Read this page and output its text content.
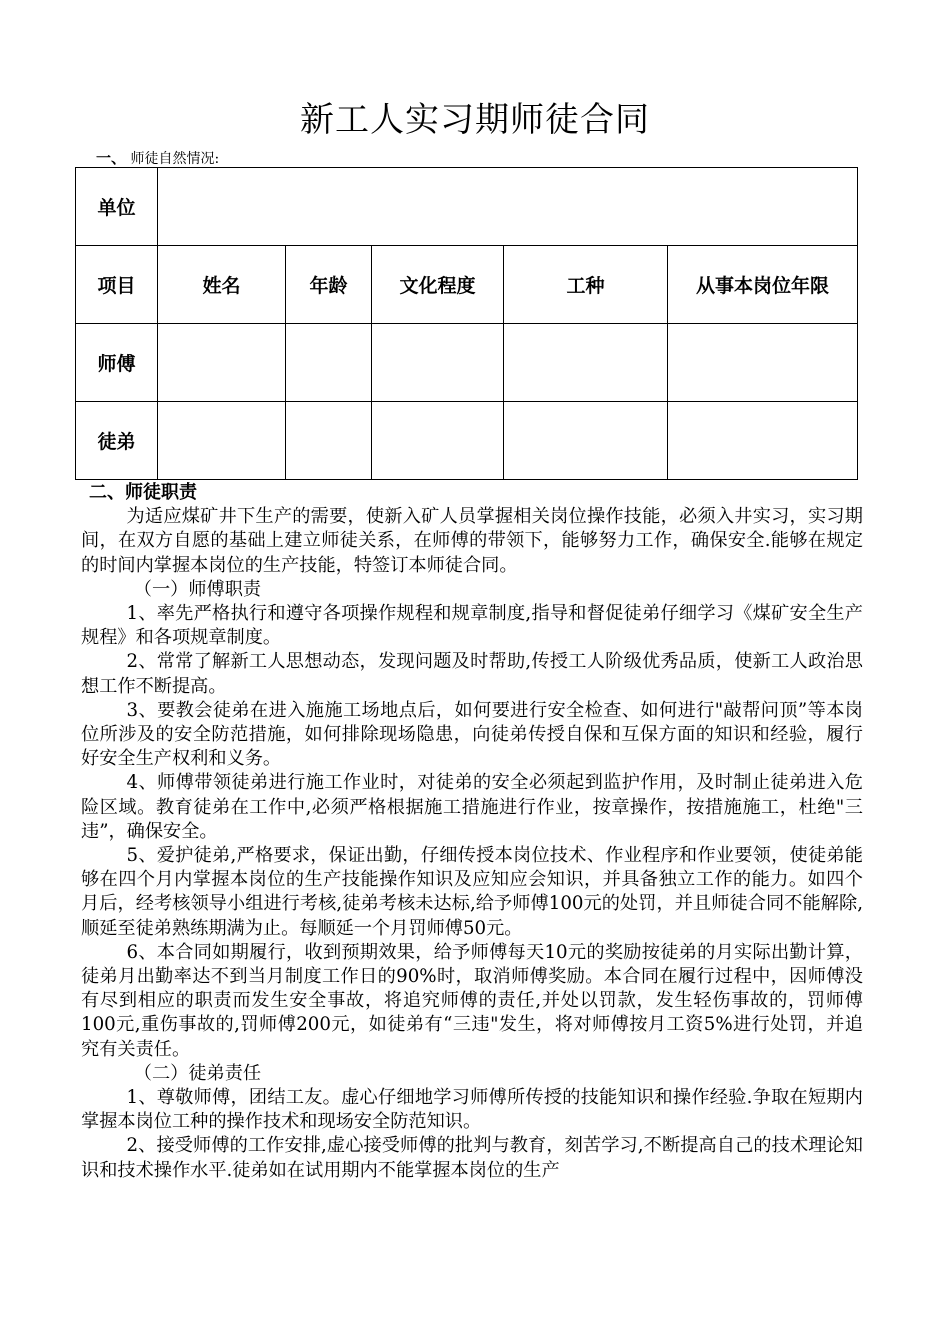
新工人实习期师徒合同
一、 师徒自然情况:
单位					
项目	姓名	年龄	文化程度	工种	从事本岗位年限
师傅					
徒弟					

二、师徒职责

为适应煤矿井下生产的需要，使新入矿人员掌握相关岗位操作技能，必须入井实习，实习期间，在双方自愿的基础上建立师徒关系，在师傅的带领下，能够努力工作，确保安全.能够在规定的时间内掌握本岗位的生产技能，特签订本师徒合同。

（一）师傅职责

1、率先严格执行和遵守各项操作规程和规章制度,指导和督促徒弟仔细学习《煤矿安全生产规程》和各项规章制度。

2、常常了解新工人思想动态，发现问题及时帮助,传授工人阶级优秀品质，使新工人政治思想工作不断提高。

3、要教会徒弟在进入施施工场地点后，如何要进行安全检查、如何进行"敲帮问顶”等本岗位所涉及的安全防范措施，如何排除现场隐患，向徒弟传授自保和互保方面的知识和经验，履行好安全生产权利和义务。

4、师傅带领徒弟进行施工作业时，对徒弟的安全必须起到监护作用，及时制止徒弟进入危险区域。教育徒弟在工作中,必须严格根据施工措施进行作业，按章操作，按措施施工，杜绝"三违”，确保安全。

5、爱护徒弟,严格要求，保证出勤，仔细传授本岗位技术、作业程序和作业要领，使徒弟能够在四个月内掌握本岗位的生产技能操作知识及应知应会知识，并具备独立工作的能力。如四个月后，经考核领导小组进行考核,徒弟考核未达标,给予师傅100元的处罚，并且师徒合同不能解除,顺延至徒弟熟练期满为止。每顺延一个月罚师傅50元。

6、本合同如期履行，收到预期效果，给予师傅每天10元的奖励按徒弟的月实际出勤计算，徒弟月出勤率达不到当月制度工作日的90%时，取消师傅奖励。本合同在履行过程中，因师傅没有尽到相应的职责而发生安全事故，将追究师傅的责任,并处以罚款，发生轻伤事故的，罚师傅100元,重伤事故的,罚师傅200元，如徒弟有“三违"发生，将对师傅按月工资5%进行处罚，并追究有关责任。

（二）徒弟责任

1、尊敬师傅，团结工友。虚心仔细地学习师傅所传授的技能知识和操作经验.争取在短期内掌握本岗位工种的操作技术和现场安全防范知识。

2、接受师傅的工作安排,虚心接受师傅的批判与教育，刻苦学习,不断提高自己的技术理论知识和技术操作水平.徒弟如在试用期内不能掌握本岗位的生产
